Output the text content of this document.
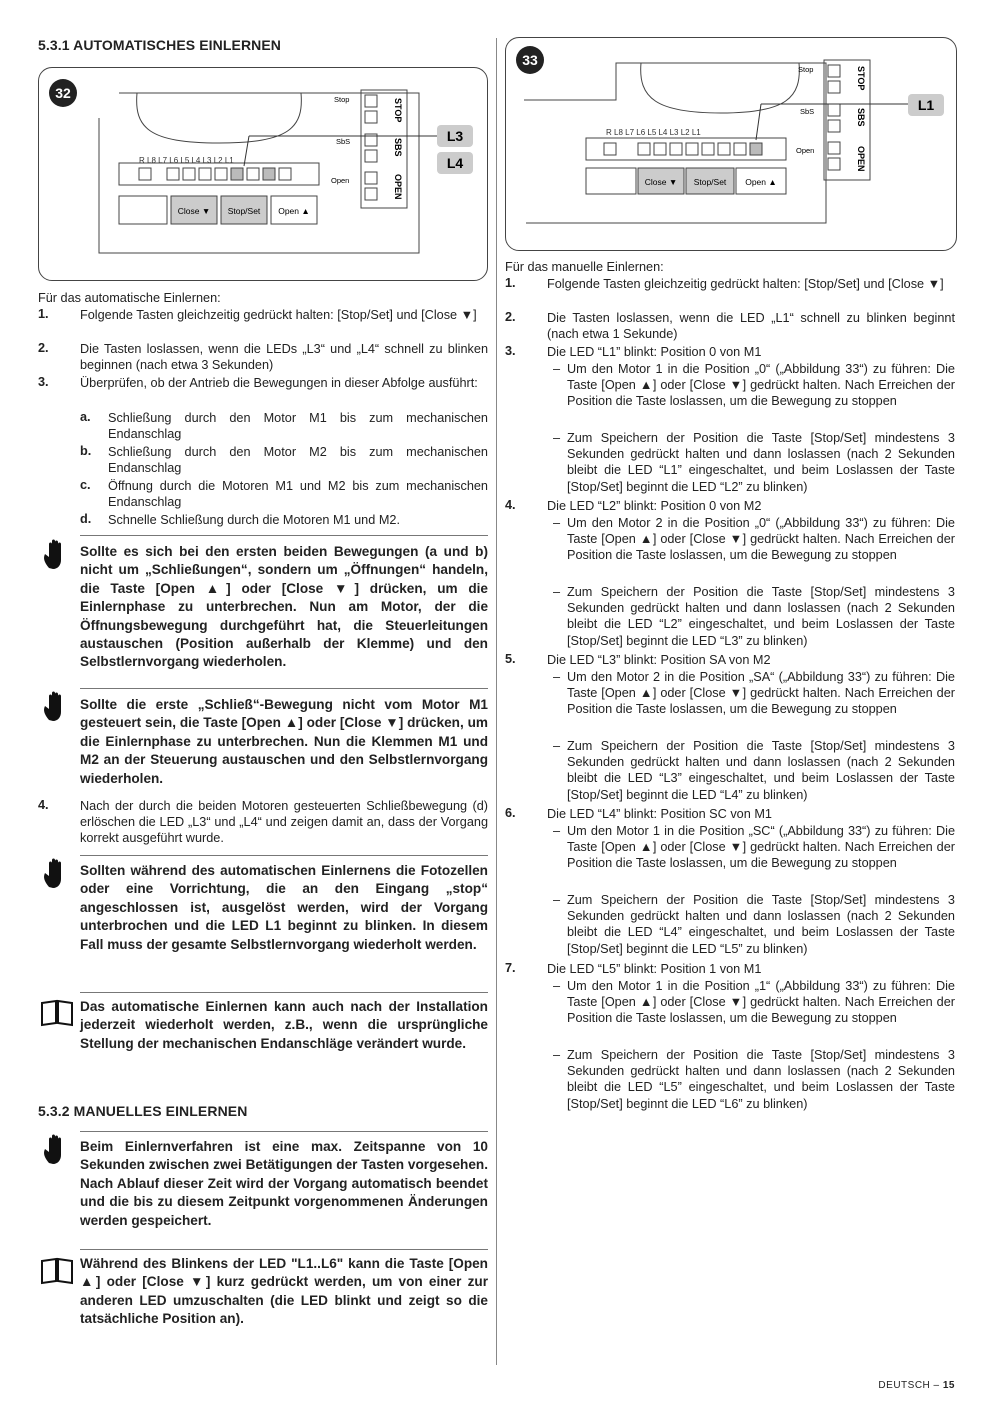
5.3.1 AUTOMATISCHES EINLERNEN
32
R L8 L7 L6 L5 L4 L3 L2 L1
Close ▼ Stop/Set Open ▲
Stop
SbS
Open
STOP
SBS
OPEN
L3
L4
Für das automatische Einlernen:
1. Folgende Tasten gleichzeitig gedrückt halten: [Stop/Set] und [Close ▼]
2. Die Tasten loslassen, wenn die LEDs „L3“ und „L4“ schnell zu blinken beginnen (nach etwa 3 Sekunden)
3. Überprüfen, ob der Antrieb die Bewegungen in dieser Abfolge ausführt:
a. Schließung durch den Motor M1 bis zum mechanischen Endanschlag
b. Schließung durch den Motor M2 bis zum mechanischen Endanschlag
c. Öffnung durch die Motoren M1 und M2 bis zum mechanischen Endanschlag
d. Schnelle Schließung durch die Motoren M1 und M2.
Sollte es sich bei den ersten beiden Bewegungen (a und b) nicht um „Schließungen“, sondern um „Öffnungen“ handeln, die Taste [Open ▲] oder [Close ▼] drücken, um die Einlernphase zu unterbrechen. Nun am Motor, der die Öffnungsbewegung durchgeführt hat, die Steuerleitungen austauschen (Position außerhalb der Klemme) und den Selbstlernvorgang wiederholen.
Sollte die erste „Schließ“-Bewegung nicht vom Motor M1 gesteuert sein, die Taste [Open ▲] oder [Close ▼] drücken, um die Einlernphase zu unterbrechen. Nun die Klemmen M1 und M2 an der Steuerung austauschen und den Selbstlernvorgang wiederholen.
4. Nach der durch die beiden Motoren gesteuerten Schließbewegung (d) erlöschen die LED „L3“ und „L4“ und zeigen damit an, dass der Vorgang korrekt ausgeführt wurde.
Sollten während des automatischen Einlernens die Fotozellen oder eine Vorrichtung, die an den Eingang „stop“ angeschlossen ist, ausgelöst werden, wird der Vorgang unterbrochen und die LED L1 beginnt zu blinken. In diesem Fall muss der gesamte Selbstlernvorgang wiederholt werden.
Das automatische Einlernen kann auch nach der Installation jederzeit wiederholt werden, z.B., wenn die ursprüngliche Stellung der mechanischen Endanschläge verändert wurde.
5.3.2 MANUELLES EINLERNEN
Beim Einlernverfahren ist eine max. Zeitspanne von 10 Sekunden zwischen zwei Betätigungen der Tasten vorgesehen. Nach Ablauf dieser Zeit wird der Vorgang automatisch beendet und die bis zu diesem Zeitpunkt vorgenommenen Änderungen werden gespeichert.
Während des Blinkens der LED "L1..L6" kann die Taste [Open ▲] oder [Close ▼] kurz gedrückt werden, um von einer zur anderen LED umzuschalten (die LED blinkt und zeigt so die tatsächliche Position an).
33
R L8 L7 L6 L5 L4 L3 L2 L1
Close ▼ Stop/Set Open ▲
Stop
SbS
Open
STOP
SBS
OPEN
L1
Für das manuelle Einlernen:
1. Folgende Tasten gleichzeitig gedrückt halten: [Stop/Set] und [Close ▼]
2. Die Tasten loslassen, wenn die LED „L1“ schnell zu blinken beginnt (nach etwa 1 Sekunde)
3. Die LED “L1” blinkt: Position 0 von M1
– Um den Motor 1 in die Position „0“ („Abbildung 33“) zu führen: Die Taste [Open ▲] oder [Close ▼] gedrückt halten. Nach Erreichen der Position die Taste loslassen, um die Bewegung zu stoppen
– Zum Speichern der Position die Taste [Stop/Set] mindestens 3 Sekunden gedrückt halten und dann loslassen (nach 2 Sekunden bleibt die LED “L1” eingeschaltet, und beim Loslassen der Taste [Stop/Set] beginnt die LED “L2” zu blinken)
4. Die LED “L2” blinkt: Position 0 von M2
– Um den Motor 2 in die Position „0“ („Abbildung 33“) zu führen: Die Taste [Open ▲] oder [Close ▼] gedrückt halten. Nach Erreichen der Position die Taste loslassen, um die Bewegung zu stoppen
– Zum Speichern der Position die Taste [Stop/Set] mindestens 3 Sekunden gedrückt halten und dann loslassen (nach 2 Sekunden bleibt die LED “L2” eingeschaltet, und beim Loslassen der Taste [Stop/Set] beginnt die LED “L3” zu blinken)
5. Die LED “L3” blinkt: Position SA von M2
– Um den Motor 2 in die Position „SA“ („Abbildung 33“) zu führen: Die Taste [Open ▲] oder [Close ▼] gedrückt halten. Nach Erreichen der Position die Taste loslassen, um die Bewegung zu stoppen
– Zum Speichern der Position die Taste [Stop/Set] mindestens 3 Sekunden gedrückt halten und dann loslassen (nach 2 Sekunden bleibt die LED “L3” eingeschaltet, und beim Loslassen der Taste [Stop/Set] beginnt die LED “L4” zu blinken)
6. Die LED “L4” blinkt: Position SC von M1
– Um den Motor 1 in die Position „SC“ („Abbildung 33“) zu führen: Die Taste [Open ▲] oder [Close ▼] gedrückt halten. Nach Erreichen der Position die Taste loslassen, um die Bewegung zu stoppen
– Zum Speichern der Position die Taste [Stop/Set] mindestens 3 Sekunden gedrückt halten und dann loslassen (nach 2 Sekunden bleibt die LED “L4” eingeschaltet, und beim Loslassen der Taste [Stop/Set] beginnt die LED “L5” zu blinken)
7. Die LED “L5” blinkt: Position 1 von M1
– Um den Motor 1 in die Position „1“ („Abbildung 33“) zu führen: Die Taste [Open ▲] oder [Close ▼] gedrückt halten. Nach Erreichen der Position die Taste loslassen, um die Bewegung zu stoppen
– Zum Speichern der Position die Taste [Stop/Set] mindestens 3 Sekunden gedrückt halten und dann loslassen (nach 2 Sekunden bleibt die LED “L5” eingeschaltet, und beim Loslassen der Taste [Stop/Set] beginnt die LED “L6” zu blinken)
DEUTSCH – 15
